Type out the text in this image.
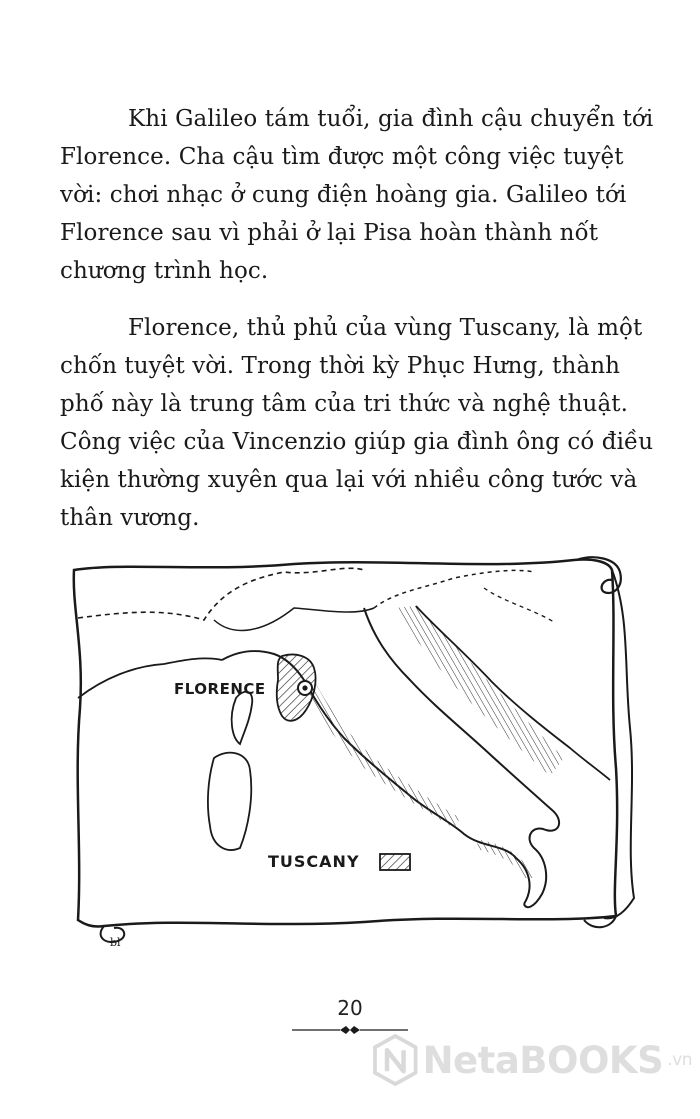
Khi Galileo tám tuổi, gia đình cậu chuyển tới Florence. Cha cậu tìm được một công việc tuyệt vời: chơi nhạc ở cung điện hoàng gia. Galileo tới Florence sau vì phải ở lại Pisa hoàn thành nốt chương trình học.

Florence, thủ phủ của vùng Tuscany, là một chốn tuyệt vời. Trong thời kỳ Phục Hưng, thành phố này là trung tâm của tri thức và nghệ thuật. Công việc của Vincenzio giúp gia đình ông có điều kiện thường xuyên qua lại với nhiều công tước và thân vương.

FLORENCE
TUSCANY
bl
20
NetaBOOKS .vn
